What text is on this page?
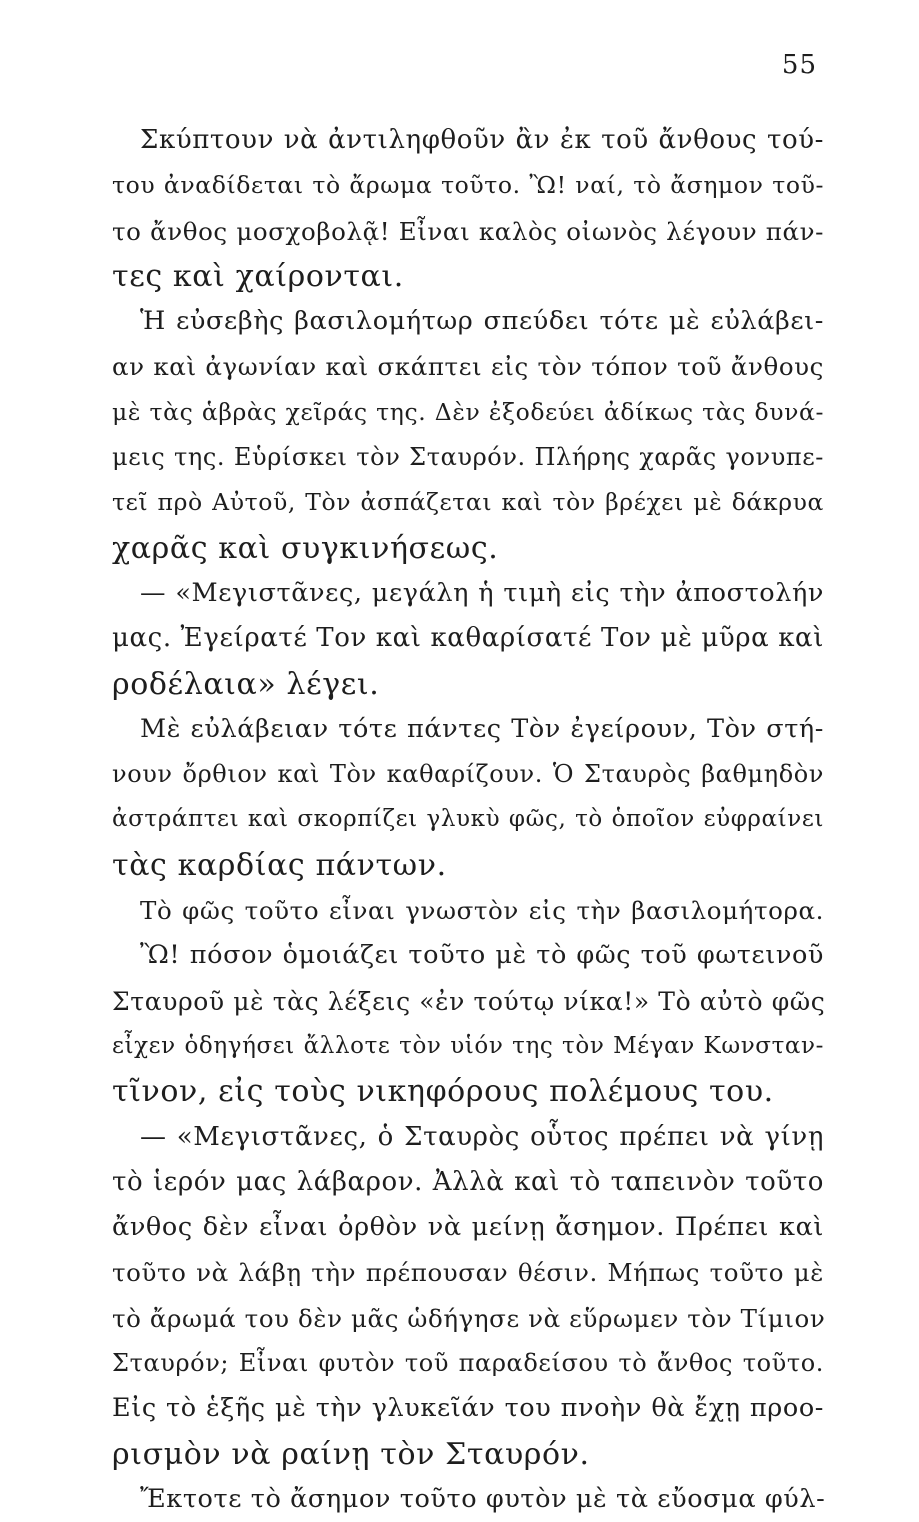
55
Σκύπτουν νὰ ἀντιληφθοῦν ἂν ἐκ τοῦ ἄνθους τού-
του ἀναδίδεται τὸ ἄρωμα τοῦτο. Ὢ! ναί, τὸ ἄσημον τοῦ-
το ἄνθος μοσχοβολᾷ! Εἶναι καλὸς οἰωνὸς λέγουν πάν-
τες καὶ χαίρονται.
Ἡ εὐσεβὴς βασιλομήτωρ σπεύδει τότε μὲ εὐλάβει-
αν καὶ ἀγωνίαν καὶ σκάπτει εἰς τὸν τόπον τοῦ ἄνθους
μὲ τὰς ἁβρὰς χεῖράς της. Δὲν ἐξοδεύει ἀδίκως τὰς δυνά-
μεις της. Εὑρίσκει τὸν Σταυρόν. Πλήρης χαρᾶς γονυπε-
τεῖ πρὸ Αὐτοῦ, Τὸν ἀσπάζεται καὶ τὸν βρέχει μὲ δάκρυα
χαρᾶς καὶ συγκινήσεως.
— «Μεγιστᾶνες, μεγάλη ἡ τιμὴ εἰς τὴν ἀποστολήν
μας. Ἐγείρατέ Τον καὶ καθαρίσατέ Τον μὲ μῦρα καὶ
ροδέλαια» λέγει.
Μὲ εὐλάβειαν τότε πάντες Τὸν ἐγείρουν, Τὸν στή-
νουν ὄρθιον καὶ Τὸν καθαρίζουν. Ὁ Σταυρὸς βαθμηδὸν
ἀστράπτει καὶ σκορπίζει γλυκὺ φῶς, τὸ ὁποῖον εὐφραίνει
τὰς καρδίας πάντων.
Τὸ φῶς τοῦτο εἶναι γνωστὸν εἰς τὴν βασιλομήτορα.
Ὢ! πόσον ὁμοιάζει τοῦτο μὲ τὸ φῶς τοῦ φωτεινοῦ
Σταυροῦ μὲ τὰς λέξεις «ἐν τούτῳ νίκα!» Τὸ αὐτὸ φῶς
εἶχεν ὁδηγήσει ἄλλοτε τὸν υἱόν της τὸν Μέγαν Κωνσταν-
τῖνον, εἰς τοὺς νικηφόρους πολέμους του.
— «Μεγιστᾶνες, ὁ Σταυρὸς οὗτος πρέπει νὰ γίνῃ
τὸ ἱερόν μας λάβαρον. Ἀλλὰ καὶ τὸ ταπεινὸν τοῦτο
ἄνθος δὲν εἶναι ὀρθὸν νὰ μείνῃ ἄσημον. Πρέπει καὶ
τοῦτο νὰ λάβῃ τὴν πρέπουσαν θέσιν. Μήπως τοῦτο μὲ
τὸ ἄρωμά του δὲν μᾶς ὡδήγησε νὰ εὕρωμεν τὸν Τίμιον
Σταυρόν; Εἶναι φυτὸν τοῦ παραδείσου τὸ ἄνθος τοῦτο.
Εἰς τὸ ἑξῆς μὲ τὴν γλυκεῖάν του πνοὴν θὰ ἔχῃ προο-
ρισμὸν νὰ ραίνῃ τὸν Σταυρόν.
Ἔκτοτε τὸ ἄσημον τοῦτο φυτὸν μὲ τὰ εὔοσμα φύλ-
